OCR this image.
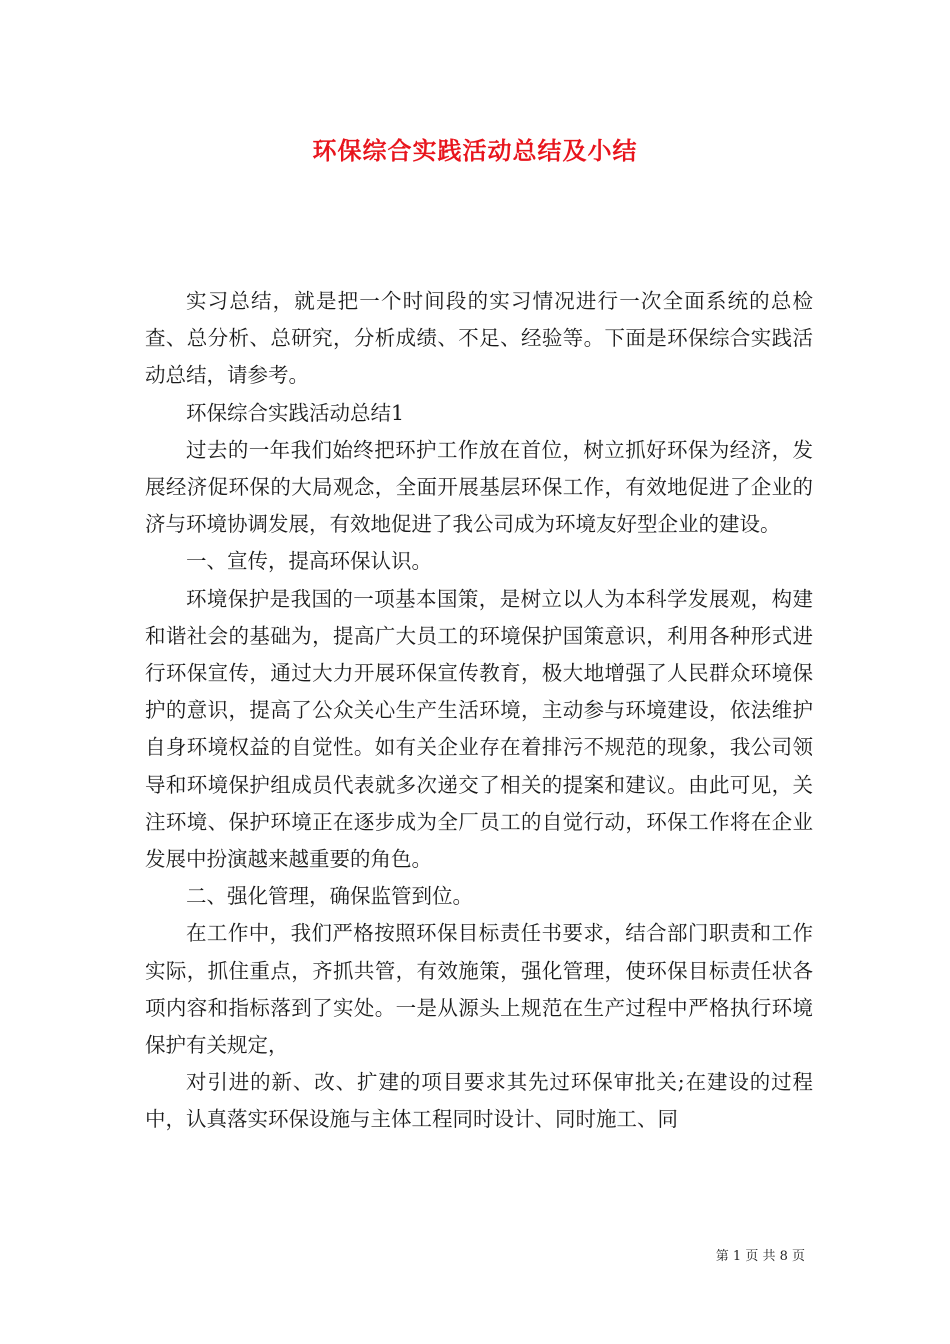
环保综合实践活动总结及小结

实习总结，就是把一个时间段的实习情况进行一次全面系统的总检查、总分析、总研究，分析成绩、不足、经验等。下面是环保综合实践活动总结，请参考。

环保综合实践活动总结1

过去的一年我们始终把环护工作放在首位，树立抓好环保为经济，发展经济促环保的大局观念，全面开展基层环保工作，有效地促进了企业的济与环境协调发展，有效地促进了我公司成为环境友好型企业的建设。

一、宣传，提高环保认识。

环境保护是我国的一项基本国策，是树立以人为本科学发展观，构建和谐社会的基础为，提高广大员工的环境保护国策意识，利用各种形式进行环保宣传，通过大力开展环保宣传教育，极大地增强了人民群众环境保护的意识，提高了公众关心生产生活环境，主动参与环境建设，依法维护自身环境权益的自觉性。如有关企业存在着排污不规范的现象，我公司领导和环境保护组成员代表就多次递交了相关的提案和建议。由此可见，关注环境、保护环境正在逐步成为全厂员工的自觉行动，环保工作将在企业发展中扮演越来越重要的角色。

二、强化管理，确保监管到位。

在工作中，我们严格按照环保目标责任书要求，结合部门职责和工作实际，抓住重点，齐抓共管，有效施策，强化管理，使环保目标责任状各项内容和指标落到了实处。一是从源头上规范在生产过程中严格执行环境保护有关规定，

对引进的新、改、扩建的项目要求其先过环保审批关;在建设的过程中，认真落实环保设施与主体工程同时设计、同时施工、同

第 1 页 共 8 页
